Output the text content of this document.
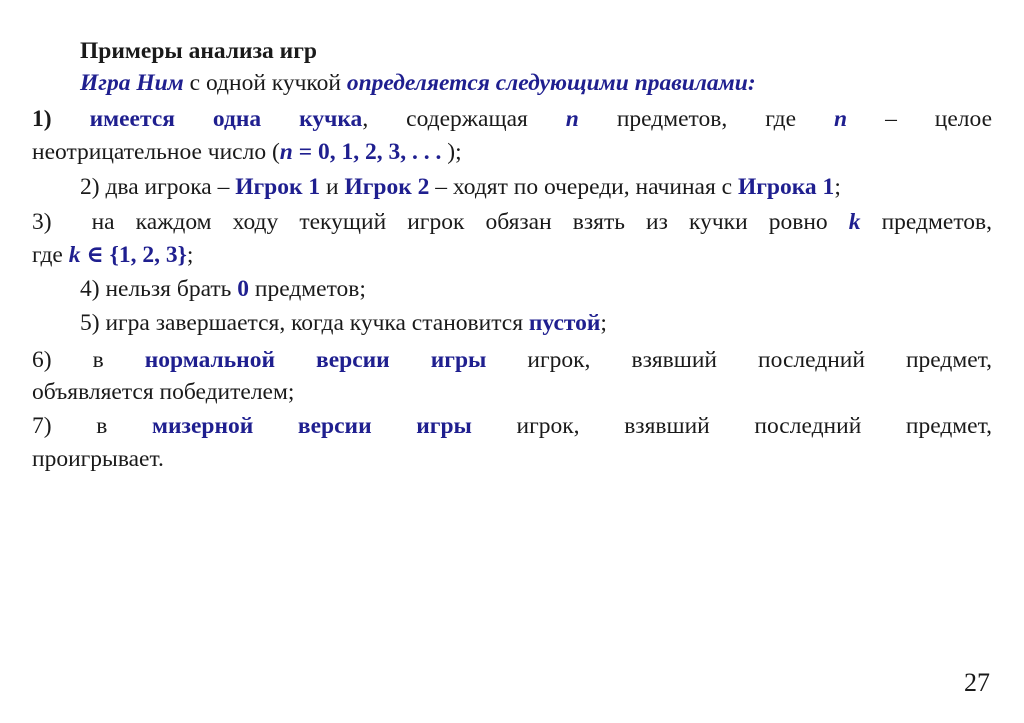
Примеры анализа игр
Игра Ним с одной кучкой определяется следующими правилами:
1) имеется одна кучка, содержащая n предметов, где n – целое
неотрицательное число (n = 0, 1, 2, 3, . . . );
2) два игрока – Игрок 1 и Игрок 2 – ходят по очереди, начиная с Игрока 1;
3) на каждом ходу текущий игрок обязан взять из кучки ровно k предметов,
где k ∈ {1, 2, 3};
4) нельзя брать 0 предметов;
5) игра завершается, когда кучка становится пустой;
6) в нормальной версии игры игрок, взявший последний предмет,
объявляется победителем;
7) в мизерной версии игры игрок, взявший последний предмет,
проигрывает.
27
